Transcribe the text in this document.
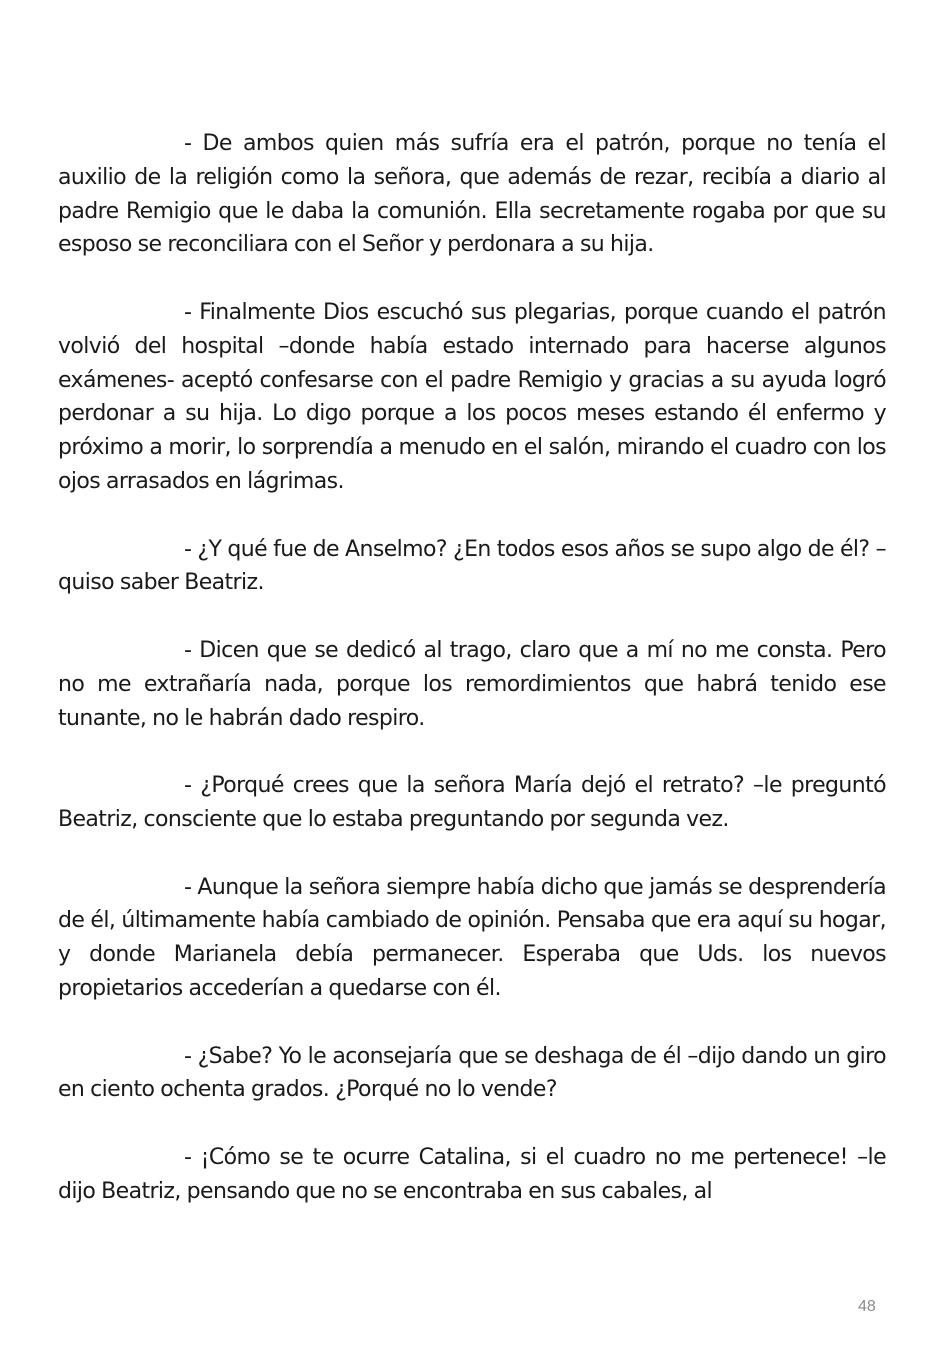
- De ambos quien más sufría era el patrón, porque no tenía el auxilio de la religión como la señora, que además de rezar, recibía a diario al padre Remigio que le daba la comunión. Ella secretamente rogaba por que su esposo se reconciliara con el Señor y perdonara a su hija.

- Finalmente Dios escuchó sus plegarias, porque cuando el patrón volvió del hospital –donde había estado internado para hacerse algunos exámenes- aceptó confesarse con el padre Remigio y gracias a su ayuda logró perdonar a su hija. Lo digo porque a los pocos meses estando él enfermo y próximo a morir, lo sorprendía a menudo en el salón, mirando el cuadro con los ojos arrasados en lágrimas.

- ¿Y qué fue de Anselmo? ¿En todos esos años se supo algo de él? –quiso saber Beatriz.

- Dicen que se dedicó al trago, claro que a mí no me consta. Pero no me extrañaría nada, porque los remordimientos que habrá tenido ese tunante, no le habrán dado respiro.

- ¿Porqué crees que la señora María dejó el retrato? –le preguntó Beatriz, consciente que lo estaba preguntando por segunda vez.

- Aunque la señora siempre había dicho que jamás se desprendería de él, últimamente había cambiado de opinión. Pensaba que era aquí su hogar, y donde Marianela debía permanecer. Esperaba que Uds. los nuevos propietarios accederían a quedarse con él.

- ¿Sabe? Yo le aconsejaría que se deshaga de él –dijo dando un giro en ciento ochenta grados. ¿Porqué no lo vende?

- ¡Cómo se te ocurre Catalina, si el cuadro no me pertenece! –le dijo Beatriz, pensando que no se encontraba en sus cabales, al

48
